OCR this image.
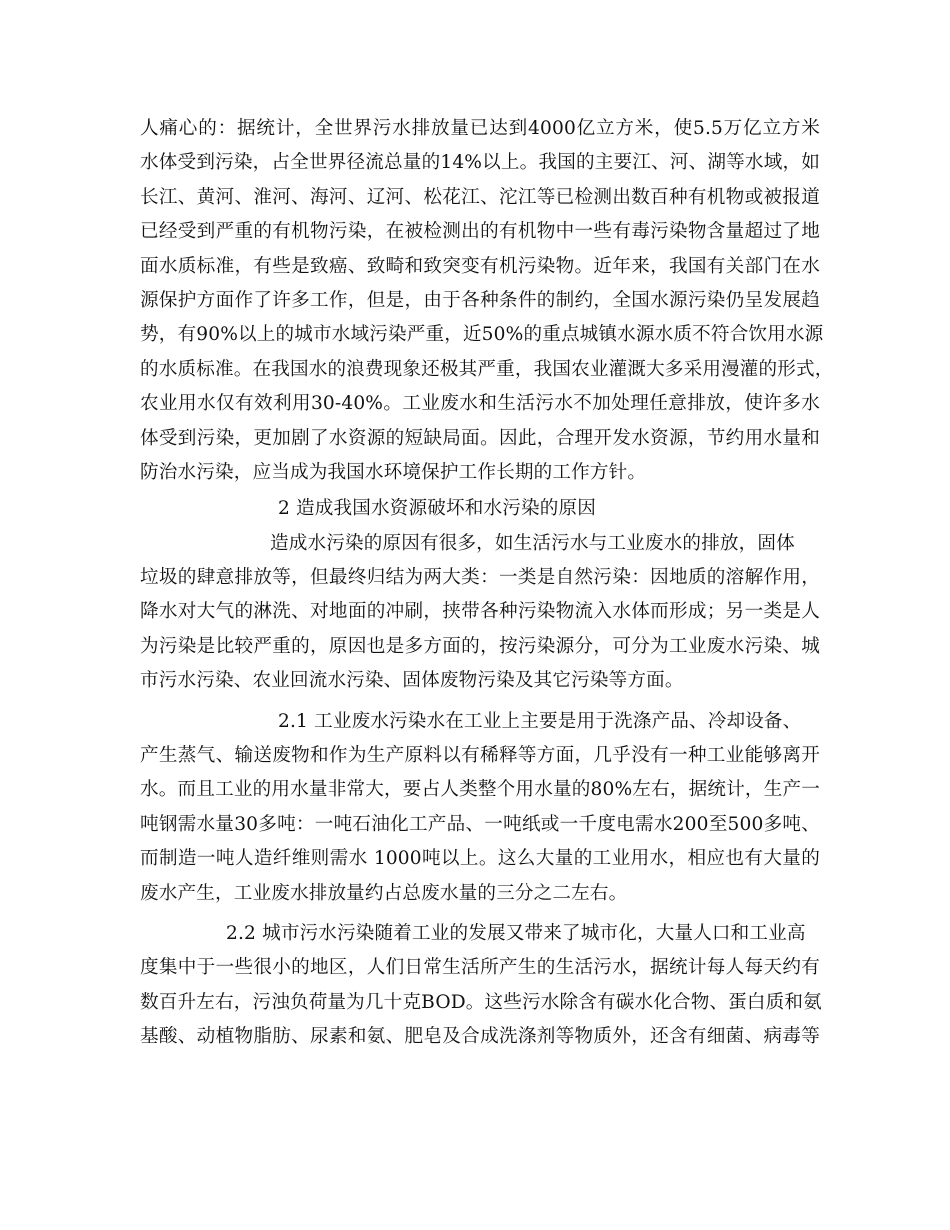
人痛心的：据统计，全世界污水排放量已达到4000亿立方米，使5.5万亿立方米
水体受到污染，占全世界径流总量的14%以上。我国的主要江、河、湖等水域，如
长江、黄河、淮河、海河、辽河、松花江、沱江等已检测出数百种有机物或被报道
已经受到严重的有机物污染，在被检测出的有机物中一些有毒污染物含量超过了地
面水质标准，有些是致癌、致畸和致突变有机污染物。近年来，我国有关部门在水
源保护方面作了许多工作，但是，由于各种条件的制约，全国水源污染仍呈发展趋
势，有90%以上的城市水域污染严重，近50%的重点城镇水源水质不符合饮用水源
的水质标准。在我国水的浪费现象还极其严重，我国农业灌溉大多采用漫灌的形式，
农业用水仅有效利用30-40%。工业废水和生活污水不加处理任意排放，使许多水
体受到污染，更加剧了水资源的短缺局面。因此，合理开发水资源，节约用水量和
防治水污染，应当成为我国水环境保护工作长期的工作方针。
2 造成我国水资源破坏和水污染的原因
造成水污染的原因有很多，如生活污水与工业废水的排放，固体
垃圾的肆意排放等，但最终归结为两大类：一类是自然污染：因地质的溶解作用，
降水对大气的淋洗、对地面的冲刷，挟带各种污染物流入水体而形成；另一类是人
为污染是比较严重的，原因也是多方面的，按污染源分，可分为工业废水污染、城
市污水污染、农业回流水污染、固体废物污染及其它污染等方面。
2.1 工业废水污染水在工业上主要是用于洗涤产品、冷却设备、
产生蒸气、输送废物和作为生产原料以有稀释等方面，几乎没有一种工业能够离开
水。而且工业的用水量非常大，要占人类整个用水量的80%左右，据统计，生产一
吨钢需水量30多吨：一吨石油化工产品、一吨纸或一千度电需水200至500多吨、
而制造一吨人造纤维则需水 1000吨以上。这么大量的工业用水，相应也有大量的
废水产生，工业废水排放量约占总废水量的三分之二左右。
2.2 城市污水污染随着工业的发展又带来了城市化，大量人口和工业高
度集中于一些很小的地区，人们日常生活所产生的生活污水，据统计每人每天约有
数百升左右，污浊负荷量为几十克BOD。这些污水除含有碳水化合物、蛋白质和氨
基酸、动植物脂肪、尿素和氨、肥皂及合成洗涤剂等物质外，还含有细菌、病毒等
